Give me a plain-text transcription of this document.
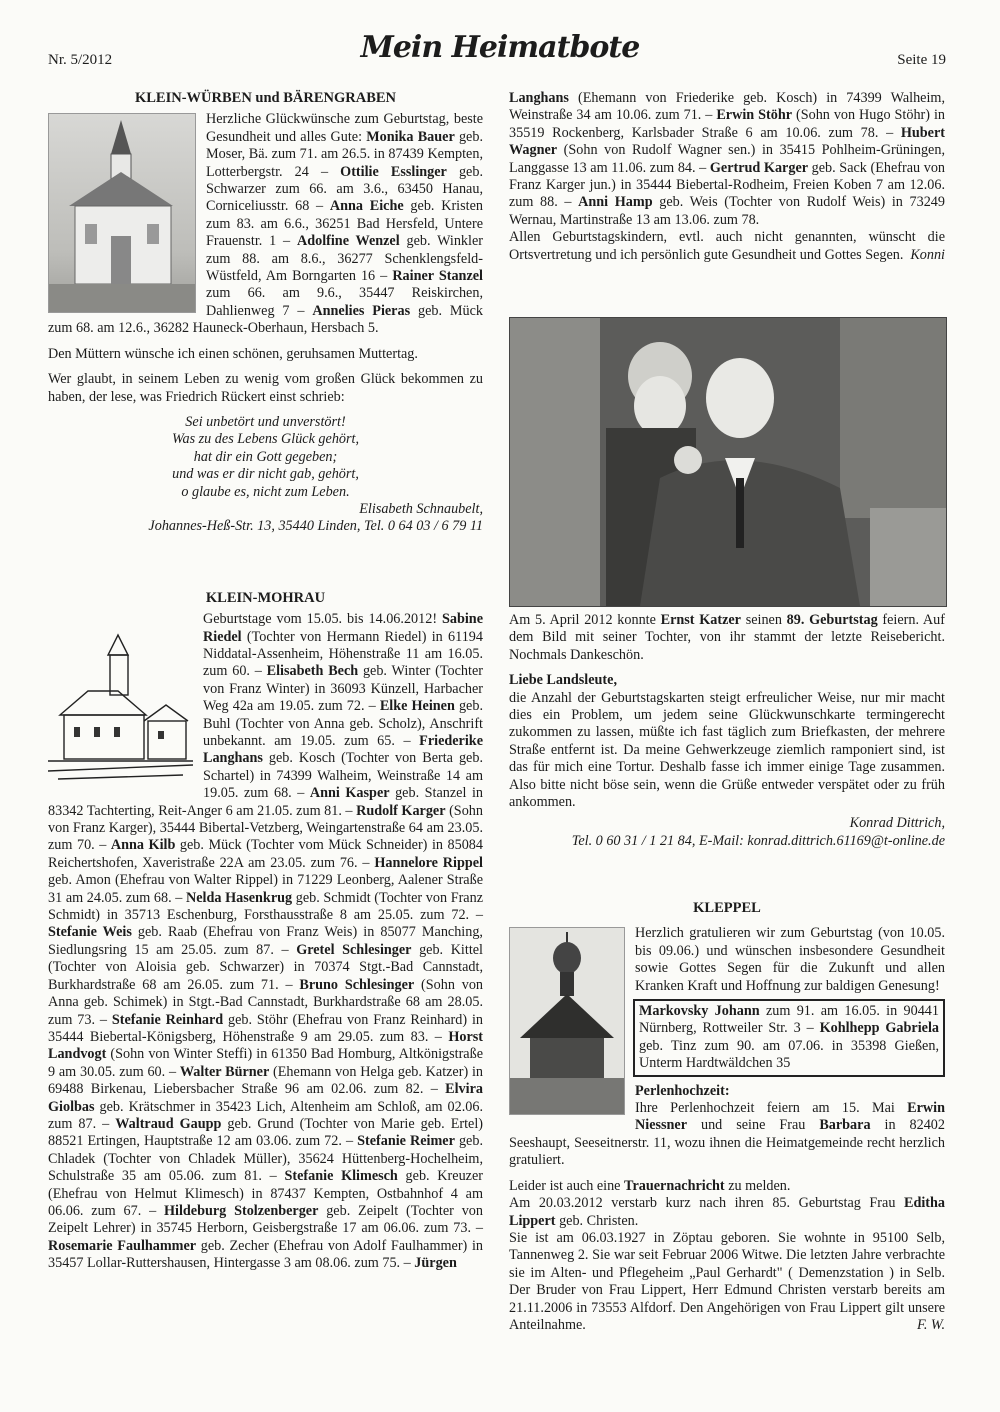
Nr. 5/2012	Mein Heimatbote	Seite 19
KLEIN-WÜRBEN und BÄRENGRABEN

Herzliche Glückwünsche zum Geburtstag, beste Gesundheit und alles Gute: Monika Bauer geb. Moser, Bä. zum 71. am 26.5. in 87439 Kempten, Lotterbergstr. 24 – Ottilie Esslinger geb. Schwarzer zum 66. am 3.6., 63450 Hanau, Corniceliusstr. 68 – Anna Eiche geb. Kristen zum 83. am 6.6., 36251 Bad Hersfeld, Untere Frauenstr. 1 – Adolfine Wenzel geb. Winkler zum 88. am 8.6., 36277 Schenklengsfeld-Wüstfeld, Am Borngarten 16 – Rainer Stanzel zum 66. am 9.6., 35447 Reiskirchen, Dahlienweg 7 – Annelies Pieras geb. Mück zum 68. am 12.6., 36282 Hauneck-Oberhaun, Hersbach 5.

Den Müttern wünsche ich einen schönen, geruhsamen Muttertag.

Wer glaubt, in seinem Leben zu wenig vom großen Glück bekommen zu haben, der lese, was Friedrich Rückert einst schrieb:

Sei unbetört und unverstört!
Was zu des Lebens Glück gehört,
hat dir ein Gott gegeben;
und was er dir nicht gab, gehört,
o glaube es, nicht zum Leben.
Elisabeth Schnaubelt,
Johannes-Heß-Str. 13, 35440 Linden, Tel. 0 64 03 / 6 79 11
KLEIN-MOHRAU

Geburtstage vom 15.05. bis 14.06.2012! Sabine Riedel (Tochter von Hermann Riedel) in 61194 Niddatal-Assenheim, Höhenstraße 11 am 16.05. zum 60. – Elisabeth Bech geb. Winter (Tochter von Franz Winter) in 36093 Künzell, Harbacher Weg 42a am 19.05. zum 72. – Elke Heinen geb. Buhl (Tochter von Anna geb. Scholz), Anschrift unbekannt. am 19.05. zum 65. – Friederike Langhans geb. Kosch (Tochter von Berta geb. Schartel) in 74399 Walheim, Weinstraße 14 am 19.05. zum 68. – Anni Kasper geb. Stanzel in 83342 Tachterting, Reit-Anger 6 am 21.05. zum 81. – Rudolf Karger (Sohn von Franz Karger), 35444 Bibertal-Vetzberg, Weingartenstraße 64 am 23.05. zum 70. – Anna Kilb geb. Mück (Tochter vom Mück Schneider) in 85084 Reichertshofen, Xaveristraße 22A am 23.05. zum 76. – Hannelore Rippel geb. Amon (Ehefrau von Walter Rippel) in 71229 Leonberg, Aalener Straße 31 am 24.05. zum 68. – Nelda Hasenkrug geb. Schmidt (Tochter von Franz Schmidt) in 35713 Eschenburg, Forsthausstraße 8 am 25.05. zum 72. – Stefanie Weis geb. Raab (Ehefrau von Franz Weis) in 85077 Manching, Siedlungsring 15 am 25.05. zum 87. – Gretel Schlesinger geb. Kittel (Tochter von Aloisia geb. Schwarzer) in 70374 Stgt.-Bad Cannstadt, Burkhardstraße 68 am 26.05. zum 71. – Bruno Schlesinger (Sohn von Anna geb. Schimek) in Stgt.-Bad Cannstadt, Burkhardstraße 68 am 28.05. zum 73. – Stefanie Reinhard geb. Stöhr (Ehefrau von Franz Reinhard) in 35444 Biebertal-Königsberg, Höhenstraße 9 am 29.05. zum 83. – Horst Landvogt (Sohn von Winter Steffi) in 61350 Bad Homburg, Altkönigstraße 9 am 30.05. zum 60. – Walter Bürner (Ehemann von Helga geb. Katzer) in 69488 Birkenau, Liebersbacher Straße 96 am 02.06. zum 82. – Elvira Giolbas geb. Krätschmer in 35423 Lich, Altenheim am Schloß, am 02.06. zum 87. – Waltraud Gaupp geb. Grund (Tochter von Marie geb. Ertel) 88521 Ertingen, Hauptstraße 12 am 03.06. zum 72. – Stefanie Reimer geb. Chladek (Tochter von Chladek Müller), 35624 Hüttenberg-Hochelheim, Schulstraße 35 am 05.06. zum 81. – Stefanie Klimesch geb. Kreuzer (Ehefrau von Helmut Klimesch) in 87437 Kempten, Ostbahnhof 4 am 06.06. zum 67. – Hildeburg Stolzenberger geb. Zeipelt (Tochter von Zeipelt Lehrer) in 35745 Herborn, Geisbergstraße 17 am 06.06. zum 73. – Rosemarie Faulhammer geb. Zecher (Ehefrau von Adolf Faulhammer) in 35457 Lollar-Ruttershausen, Hintergasse 3 am 08.06. zum 75. – Jürgen

Langhans (Ehemann von Friederike geb. Kosch) in 74399 Walheim, Weinstraße 34 am 10.06. zum 71. – Erwin Stöhr (Sohn von Hugo Stöhr) in 35519 Rockenberg, Karlsbader Straße 6 am 10.06. zum 78. – Hubert Wagner (Sohn von Rudolf Wagner sen.) in 35415 Pohlheim-Grüningen, Langgasse 13 am 11.06. zum 84. – Gertrud Karger geb. Sack (Ehefrau von Franz Karger jun.) in 35444 Biebertal-Rodheim, Freien Koben 7 am 12.06. zum 88. – Anni Hamp geb. Weis (Tochter von Rudolf Weis) in 73249 Wernau, Martinstraße 13 am 13.06. zum 78.

Allen Geburtstagskindern, evtl. auch nicht genannten, wünscht die Ortsvertretung und ich persönlich gute Gesundheit und Gottes Segen. Konni

Am 5. April 2012 konnte Ernst Katzer seinen 89. Geburtstag feiern. Auf dem Bild mit seiner Tochter, von ihr stammt der letzte Reisebericht. Nochmals Dankeschön.

Liebe Landsleute,

die Anzahl der Geburtstagskarten steigt erfreulicher Weise, nur mir macht dies ein Problem, um jedem seine Glückwunschkarte termingerecht zukommen zu lassen, müßte ich fast täglich zum Briefkasten, der mehrere Straße entfernt ist. Da meine Gehwerkzeuge ziemlich ramponiert sind, ist das für mich eine Tortur. Deshalb fasse ich immer einige Tage zusammen. Also bitte nicht böse sein, wenn die Grüße entweder verspätet oder zu früh ankommen.

Konrad Dittrich,
Tel. 0 60 31 / 1 21 84, E-Mail: konrad.dittrich.61169@t-online.de
KLEPPEL

Herzlich gratulieren wir zum Geburtstag (von 10.05. bis 09.06.) und wünschen insbesondere Gesundheit sowie Gottes Segen für die Zukunft und allen Kranken Kraft und Hoffnung zur baldigen Genesung!

Markovsky Johann zum 91. am 16.05. in 90441 Nürnberg, Rottweiler Str. 3 – Kohlhepp Gabriela geb. Tinz zum 90. am 07.06. in 35398 Gießen, Unterm Hardtwäldchen 35

Perlenhochzeit:

Ihre Perlenhochzeit feiern am 15. Mai Erwin Niessner und seine Frau Barbara in 82402 Seeshaupt, Seeseitnerstr. 11, wozu ihnen die Heimatgemeinde recht herzlich gratuliert.

Leider ist auch eine Trauernachricht zu melden.

Am 20.03.2012 verstarb kurz nach ihren 85. Geburtstag Frau Editha Lippert geb. Christen.

Sie ist am 06.03.1927 in Zöptau geboren. Sie wohnte in 95100 Selb, Tannenweg 2. Sie war seit Februar 2006 Witwe. Die letzten Jahre verbrachte sie im Alten- und Pflegeheim „Paul Gerhardt" ( Demenzstation ) in Selb. Der Bruder von Frau Lippert, Herr Edmund Christen verstarb bereits am 21.11.2006 in 73553 Alfdorf. Den Angehörigen von Frau Lippert gilt unsere Anteilnahme.	F. W.
